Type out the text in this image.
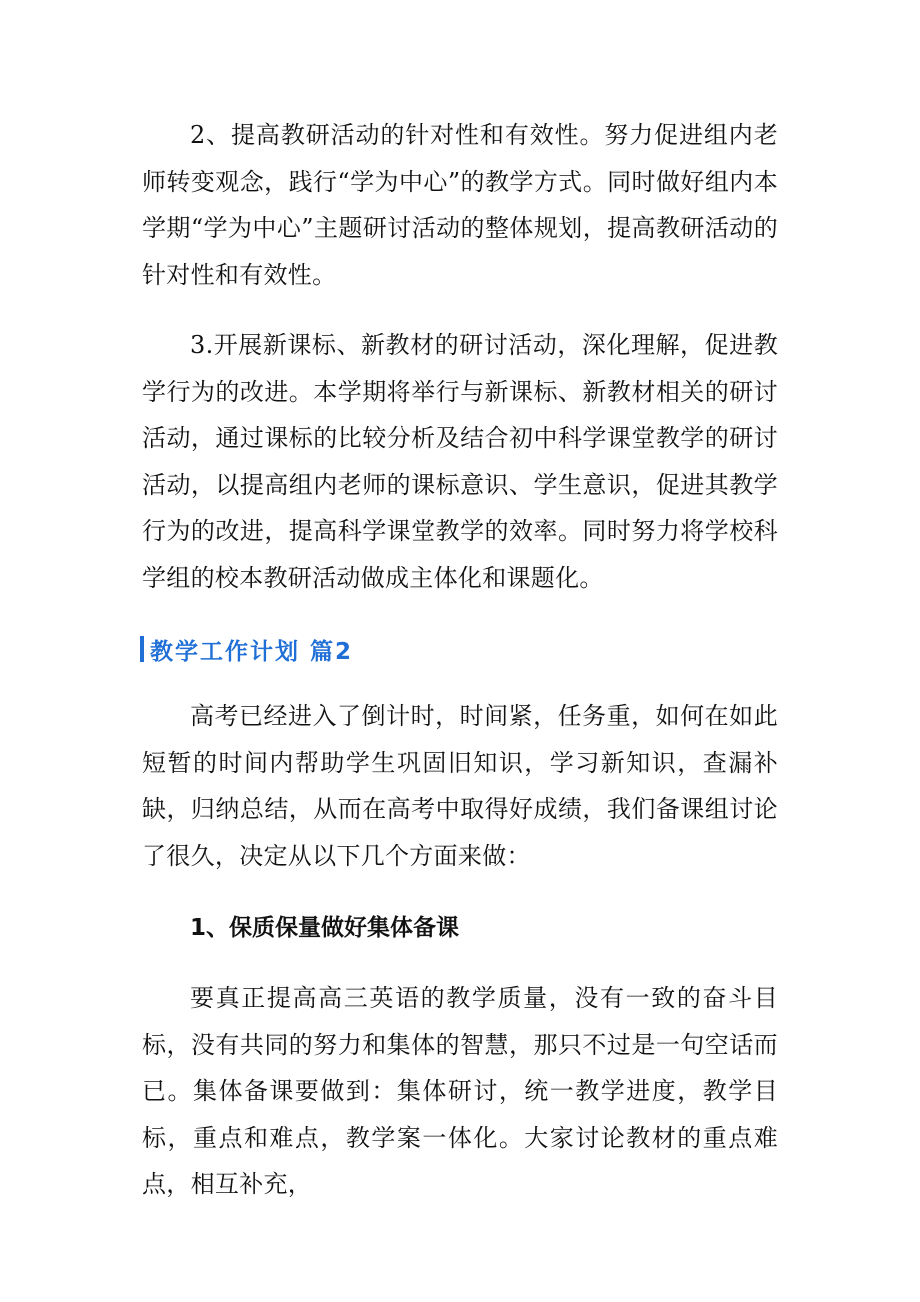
2、提高教研活动的针对性和有效性。努力促进组内老师转变观念，践行“学为中心”的教学方式。同时做好组内本学期“学为中心”主题研讨活动的整体规划，提高教研活动的针对性和有效性。

3.开展新课标、新教材的研讨活动，深化理解，促进教学行为的改进。本学期将举行与新课标、新教材相关的研讨活动，通过课标的比较分析及结合初中科学课堂教学的研讨活动，以提高组内老师的课标意识、学生意识，促进其教学行为的改进，提高科学课堂教学的效率。同时努力将学校科学组的校本教研活动做成主体化和课题化。

教学工作计划 篇2

高考已经进入了倒计时，时间紧，任务重，如何在如此短暂的时间内帮助学生巩固旧知识，学习新知识，查漏补缺，归纳总结，从而在高考中取得好成绩，我们备课组讨论了很久，决定从以下几个方面来做：

1、保质保量做好集体备课

要真正提高高三英语的教学质量，没有一致的奋斗目标，没有共同的努力和集体的智慧，那只不过是一句空话而已。集体备课要做到：集体研讨，统一教学进度，教学目标，重点和难点，教学案一体化。大家讨论教材的重点难点，相互补充，
